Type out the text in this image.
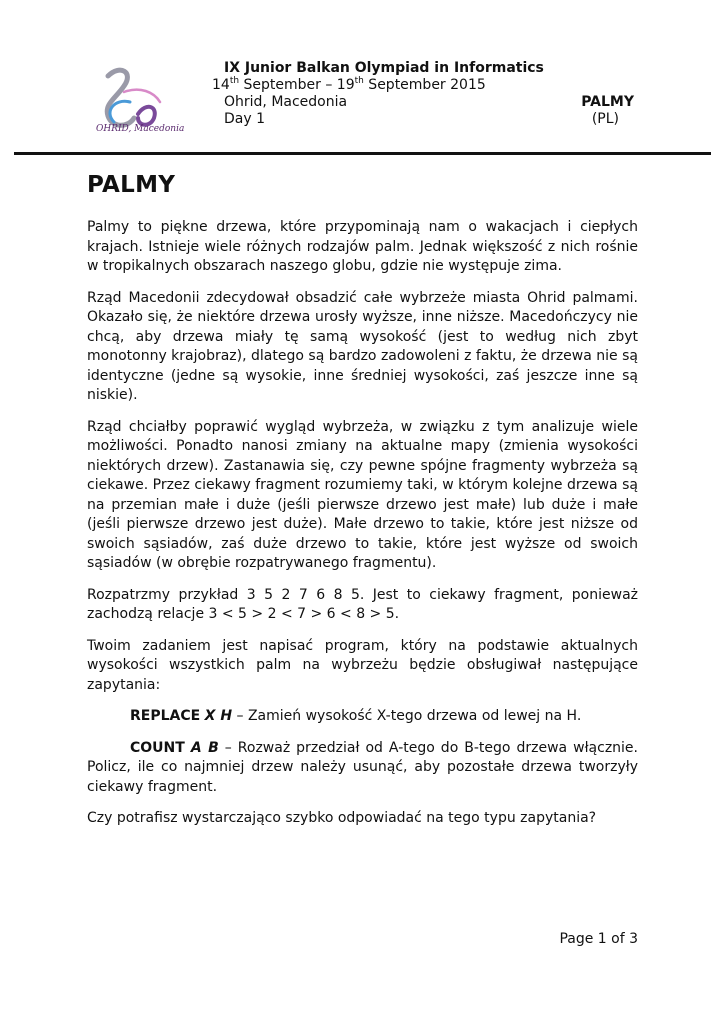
OHRID, Macedonia
IX Junior Balkan Olympiad in Informatics
14th September – 19th September 2015
Ohrid, Macedonia
Day 1
PALMY
(PL)
PALMY

Palmy to piękne drzewa, które przypominają nam o wakacjach i ciepłych krajach. Istnieje wiele różnych rodzajów palm. Jednak większość z nich rośnie w tropikalnych obszarach naszego globu, gdzie nie występuje zima.

Rząd Macedonii zdecydował obsadzić całe wybrzeże miasta Ohrid palmami. Okazało się, że niektóre drzewa urosły wyższe, inne niższe. Macedończycy nie chcą, aby drzewa miały tę samą wysokość (jest to według nich zbyt monotonny krajobraz), dlatego są bardzo zadowoleni z faktu, że drzewa nie są identyczne (jedne są wysokie, inne średniej wysokości, zaś jeszcze inne są niskie).

Rząd chciałby poprawić wygląd wybrzeża, w związku z tym analizuje wiele możliwości. Ponadto nanosi zmiany na aktualne mapy (zmienia wysokości niektórych drzew). Zastanawia się, czy pewne spójne fragmenty wybrzeża są ciekawe. Przez ciekawy fragment rozumiemy taki, w którym kolejne drzewa są na przemian małe i duże (jeśli pierwsze drzewo jest małe) lub duże i małe (jeśli pierwsze drzewo jest duże). Małe drzewo to takie, które jest niższe od swoich sąsiadów, zaś duże drzewo to takie, które jest wyższe od swoich sąsiadów (w obrębie rozpatrywanego fragmentu).

Rozpatrzmy przykład 3 5 2 7 6 8 5. Jest to ciekawy fragment, ponieważ zachodzą relacje 3 < 5 > 2 < 7 > 6 < 8 > 5.

Twoim zadaniem jest napisać program, który na podstawie aktualnych wysokości wszystkich palm na wybrzeżu będzie obsługiwał następujące zapytania:

REPLACE X H – Zamień wysokość X-tego drzewa od lewej na H.

COUNT A B – Rozważ przedział od A-tego do B-tego drzewa włącznie. Policz, ile co najmniej drzew należy usunąć, aby pozostałe drzewa tworzyły ciekawy fragment.

Czy potrafisz wystarczająco szybko odpowiadać na tego typu zapytania?

Page 1 of 3
